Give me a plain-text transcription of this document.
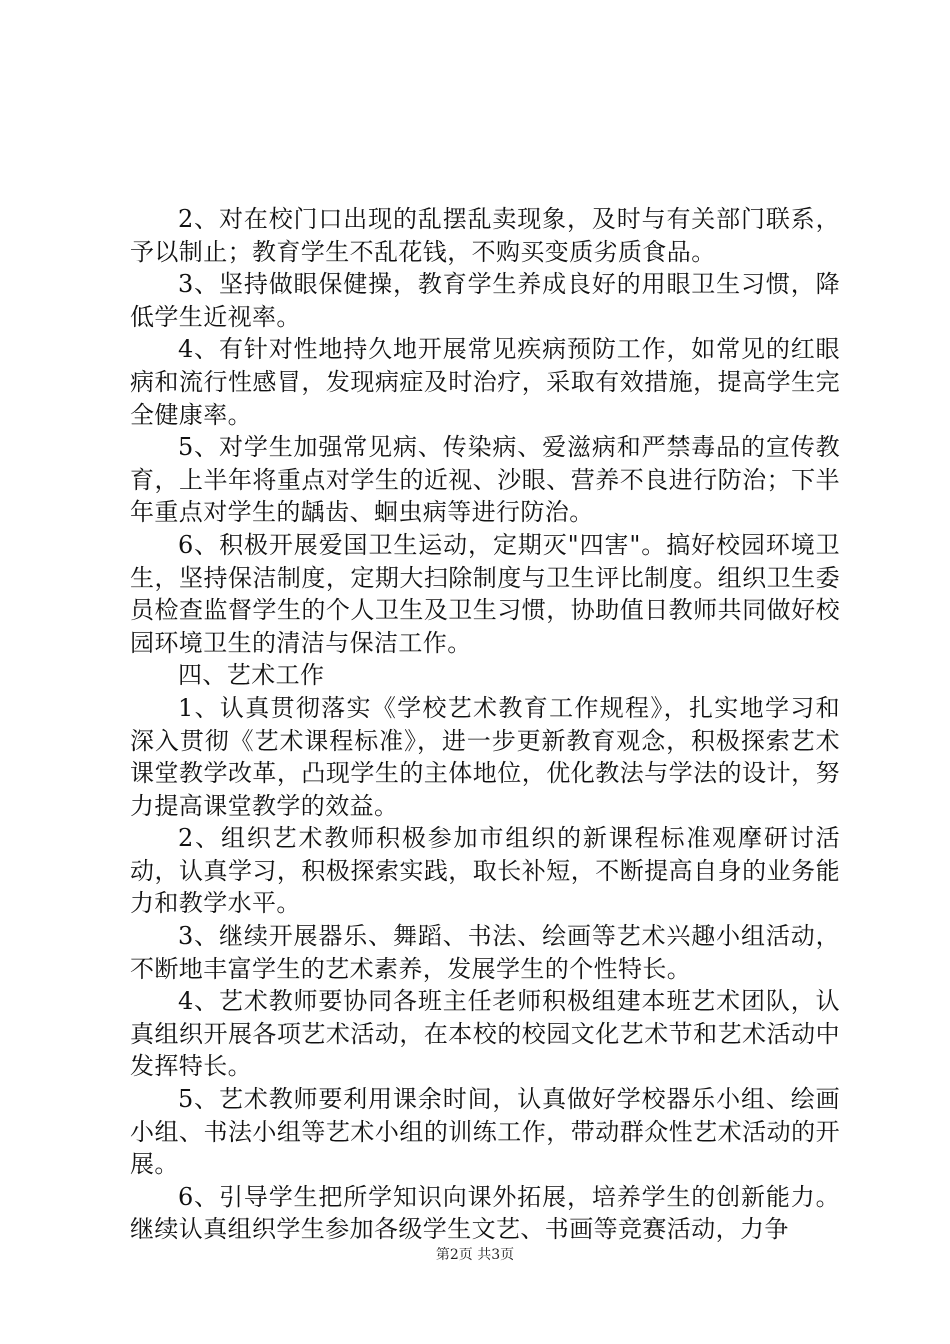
2、对在校门口出现的乱摆乱卖现象，及时与有关部门联系，予以制止；教育学生不乱花钱，不购买变质劣质食品。

3、坚持做眼保健操，教育学生养成良好的用眼卫生习惯，降低学生近视率。

4、有针对性地持久地开展常见疾病预防工作，如常见的红眼病和流行性感冒，发现病症及时治疗，采取有效措施，提高学生完全健康率。

5、对学生加强常见病、传染病、爱滋病和严禁毒品的宣传教育，上半年将重点对学生的近视、沙眼、营养不良进行防治；下半年重点对学生的龋齿、蛔虫病等进行防治。

6、积极开展爱国卫生运动，定期灭"四害"。搞好校园环境卫生，坚持保洁制度，定期大扫除制度与卫生评比制度。组织卫生委员检查监督学生的个人卫生及卫生习惯，协助值日教师共同做好校园环境卫生的清洁与保洁工作。

四、艺术工作

1、认真贯彻落实《学校艺术教育工作规程》，扎实地学习和深入贯彻《艺术课程标准》，进一步更新教育观念，积极探索艺术课堂教学改革，凸现学生的主体地位，优化教法与学法的设计，努力提高课堂教学的效益。

2、组织艺术教师积极参加市组织的新课程标准观摩研讨活动，认真学习，积极探索实践，取长补短，不断提高自身的业务能力和教学水平。

3、继续开展器乐、舞蹈、书法、绘画等艺术兴趣小组活动，不断地丰富学生的艺术素养，发展学生的个性特长。

4、艺术教师要协同各班主任老师积极组建本班艺术团队，认真组织开展各项艺术活动，在本校的校园文化艺术节和艺术活动中发挥特长。

5、艺术教师要利用课余时间，认真做好学校器乐小组、绘画小组、书法小组等艺术小组的训练工作，带动群众性艺术活动的开展。

6、引导学生把所学知识向课外拓展，培养学生的创新能力。继续认真组织学生参加各级学生文艺、书画等竞赛活动，力争

第2页 共3页
